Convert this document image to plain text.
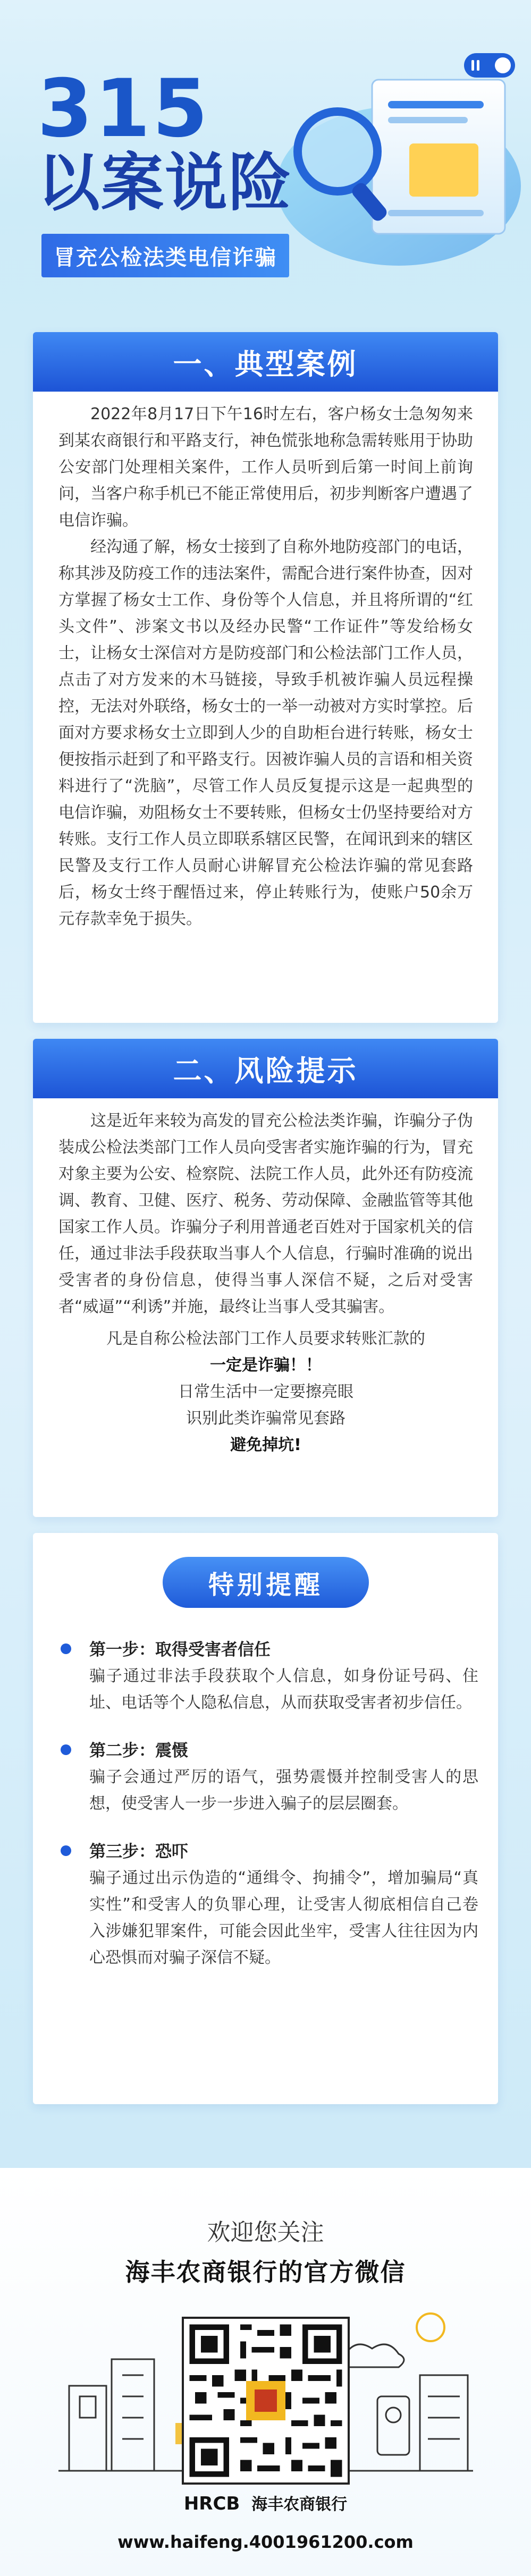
315
以案说险
冒充公检法类电信诈骗
一、典型案例

2022年8月17日下午16时左右，客户杨女士急匆匆来到某农商银行和平路支行，神色慌张地称急需转账用于协助公安部门处理相关案件，工作人员听到后第一时间上前询问，当客户称手机已不能正常使用后，初步判断客户遭遇了电信诈骗。

经沟通了解，杨女士接到了自称外地防疫部门的电话，称其涉及防疫工作的违法案件，需配合进行案件协查，因对方掌握了杨女士工作、身份等个人信息，并且将所谓的“红头文件”、涉案文书以及经办民警“工作证件”等发给杨女士，让杨女士深信对方是防疫部门和公检法部门工作人员，点击了对方发来的木马链接，导致手机被诈骗人员远程操控，无法对外联络，杨女士的一举一动被对方实时掌控。后面对方要求杨女士立即到人少的自助柜台进行转账，杨女士便按指示赶到了和平路支行。因被诈骗人员的言语和相关资料进行了“洗脑”，尽管工作人员反复提示这是一起典型的电信诈骗，劝阻杨女士不要转账，但杨女士仍坚持要给对方转账。支行工作人员立即联系辖区民警，在闻讯到来的辖区民警及支行工作人员耐心讲解冒充公检法诈骗的常见套路后，杨女士终于醒悟过来，停止转账行为，使账户50余万元存款幸免于损失。

二、风险提示

这是近年来较为高发的冒充公检法类诈骗，诈骗分子伪装成公检法类部门工作人员向受害者实施诈骗的行为，冒充对象主要为公安、检察院、法院工作人员，此外还有防疫流调、教育、卫健、医疗、税务、劳动保障、金融监管等其他国家工作人员。诈骗分子利用普通老百姓对于国家机关的信任，通过非法手段获取当事人个人信息，行骗时准确的说出受害者的身份信息，使得当事人深信不疑，之后对受害者“威逼”“利诱”并施，最终让当事人受其骗害。

凡是自称公检法部门工作人员要求转账汇款的

一定是诈骗！！

日常生活中一定要擦亮眼

识别此类诈骗常见套路

避免掉坑!

特别提醒
第一步：取得受害者信任

骗子通过非法手段获取个人信息，如身份证号码、住址、电话等个人隐私信息，从而获取受害者初步信任。

第二步：震慑

骗子会通过严厉的语气，强势震慑并控制受害人的思想，使受害人一步一步进入骗子的层层圈套。

第三步：恐吓

骗子通过出示伪造的“通缉令、拘捕令”，增加骗局“真实性”和受害人的负罪心理，让受害人彻底相信自己卷入涉嫌犯罪案件，可能会因此坐牢，受害人往往因为内心恐惧而对骗子深信不疑。

欢迎您关注
海丰农商银行的官方微信
HRCB 海丰农商银行
www.haifeng.4001961200.com
